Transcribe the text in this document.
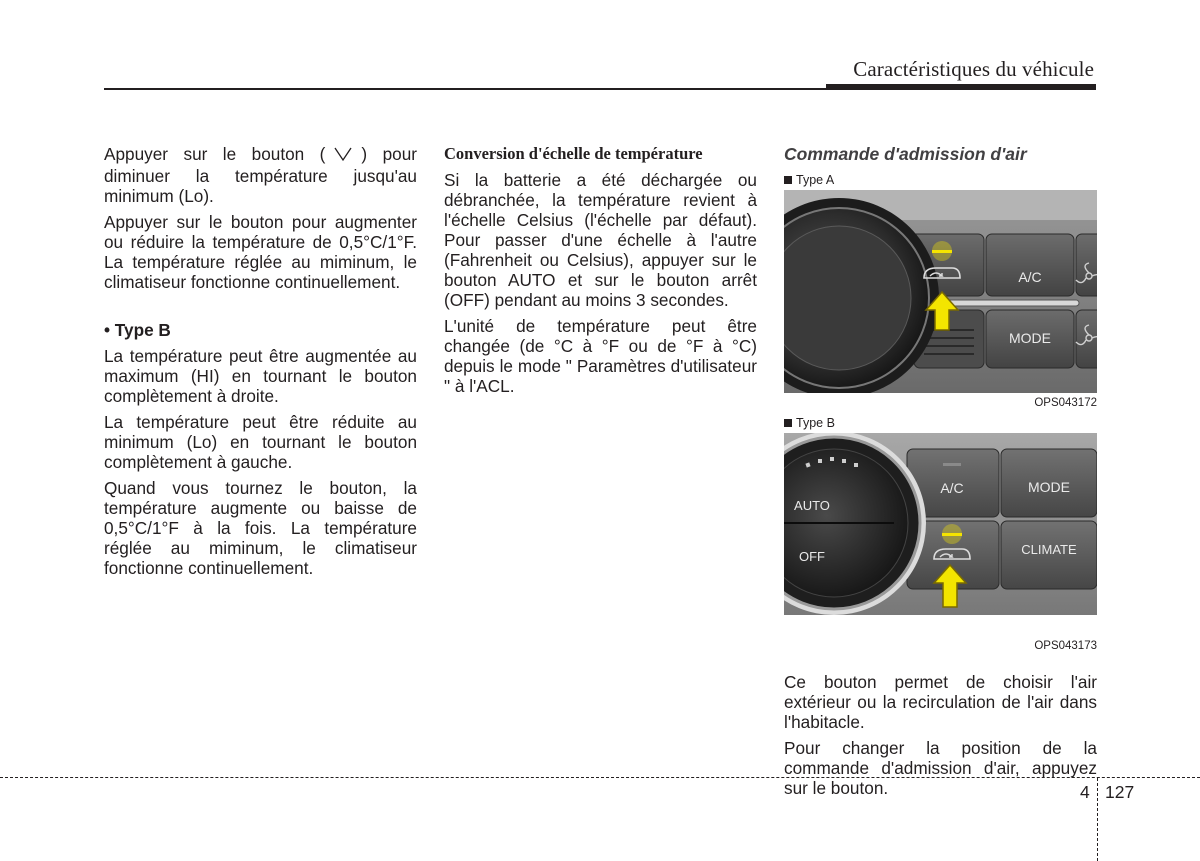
Caractéristiques du véhicule

Appuyer sur le bouton ( ) pour diminuer la température jusqu'au minimum (Lo).

Appuyer sur le bouton pour augmenter ou réduire la température de 0,5°C/1°F. La température réglée au miminum, le climatiseur fonctionne continuellement.

• Type B

La température peut être augmentée au maximum (HI) en tournant le bouton complètement à droite.

La température peut être réduite au minimum (Lo) en tournant le bouton complètement à gauche.

Quand vous tournez le bouton, la température augmente ou baisse de 0,5°C/1°F à la fois. La température réglée au miminum, le climatiseur fonctionne continuellement.

Conversion d'échelle de température

Si la batterie a été déchargée ou débranchée, la température revient à l'échelle Celsius (l'échelle par défaut). Pour passer d'une échelle à l'autre (Fahrenheit ou Celsius), appuyer sur le bouton AUTO et sur le bouton arrêt (OFF) pendant au moins 3 secondes.

L'unité de température peut être changée (de °C à °F ou de °F à °C) depuis le mode " Paramètres d'utilisateur " à l'ACL.

Commande d'admission d'air
Type A
A/C
MODE
OPS043172
Type B
AUTO
OFF
A/C	MODE
CLIMATE
OPS043173

Ce bouton permet de choisir l'air extérieur ou la recirculation de l'air dans l'habitacle.

Pour changer la position de la commande d'admission d'air, appuyez sur le bouton.	4 127
